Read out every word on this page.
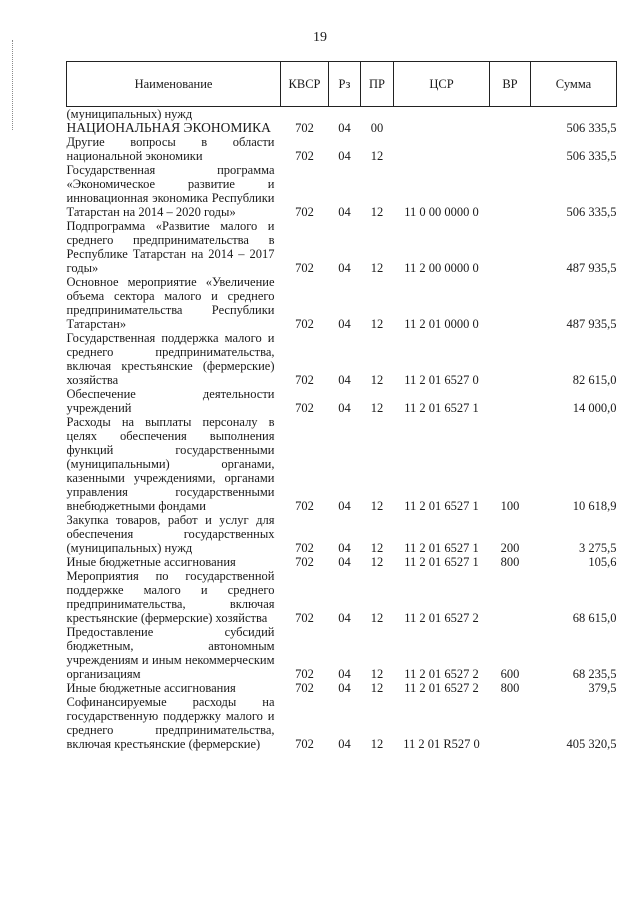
19
Наименование	КВСР	Рз	ПР	ЦСР	ВР	Сумма
(муниципальных) нужд						
НАЦИОНАЛЬНАЯ ЭКОНОМИКА	702	04	00			506 335,5
Другие вопросы в области национальной экономики	702	04	12			506 335,5
Государственная программа «Экономическое развитие и инновационная экономика Республики Татарстан на 2014 – 2020 годы»	702	04	12	11 0 00 0000 0		506 335,5
Подпрограмма «Развитие малого и среднего предпринимательства в Республике Татарстан на 2014 – 2017 годы»	702	04	12	11 2 00 0000 0		487 935,5
Основное мероприятие «Увеличение объема сектора малого и среднего предпринимательства Республики Татарстан»	702	04	12	11 2 01 0000 0		487 935,5
Государственная поддержка малого и среднего предпринимательства, включая крестьянские (фермерские) хозяйства	702	04	12	11 2 01 6527 0		82 615,0
Обеспечение деятельности учреждений	702	04	12	11 2 01 6527 1		14 000,0
Расходы на выплаты персоналу в целях обеспечения выполнения функций государственными (муниципальными) органами, казенными учреждениями, органами управления государственными внебюджетными фондами	702	04	12	11 2 01 6527 1	100	10 618,9
Закупка товаров, работ и услуг для обеспечения государственных (муниципальных) нужд	702	04	12	11 2 01 6527 1	200	3 275,5
Иные бюджетные ассигнования	702	04	12	11 2 01 6527 1	800	105,6
Мероприятия по государственной поддержке малого и среднего предпринимательства, включая крестьянские (фермерские) хозяйства	702	04	12	11 2 01 6527 2		68 615,0
Предоставление субсидий бюджетным, автономным учреждениям и иным некоммерческим организациям	702	04	12	11 2 01 6527 2	600	68 235,5
Иные бюджетные ассигнования	702	04	12	11 2 01 6527 2	800	379,5
Софинансируемые расходы на государственную поддержку малого и среднего предпринимательства, включая крестьянские (фермерские)	702	04	12	11 2 01 R527 0		405 320,5
